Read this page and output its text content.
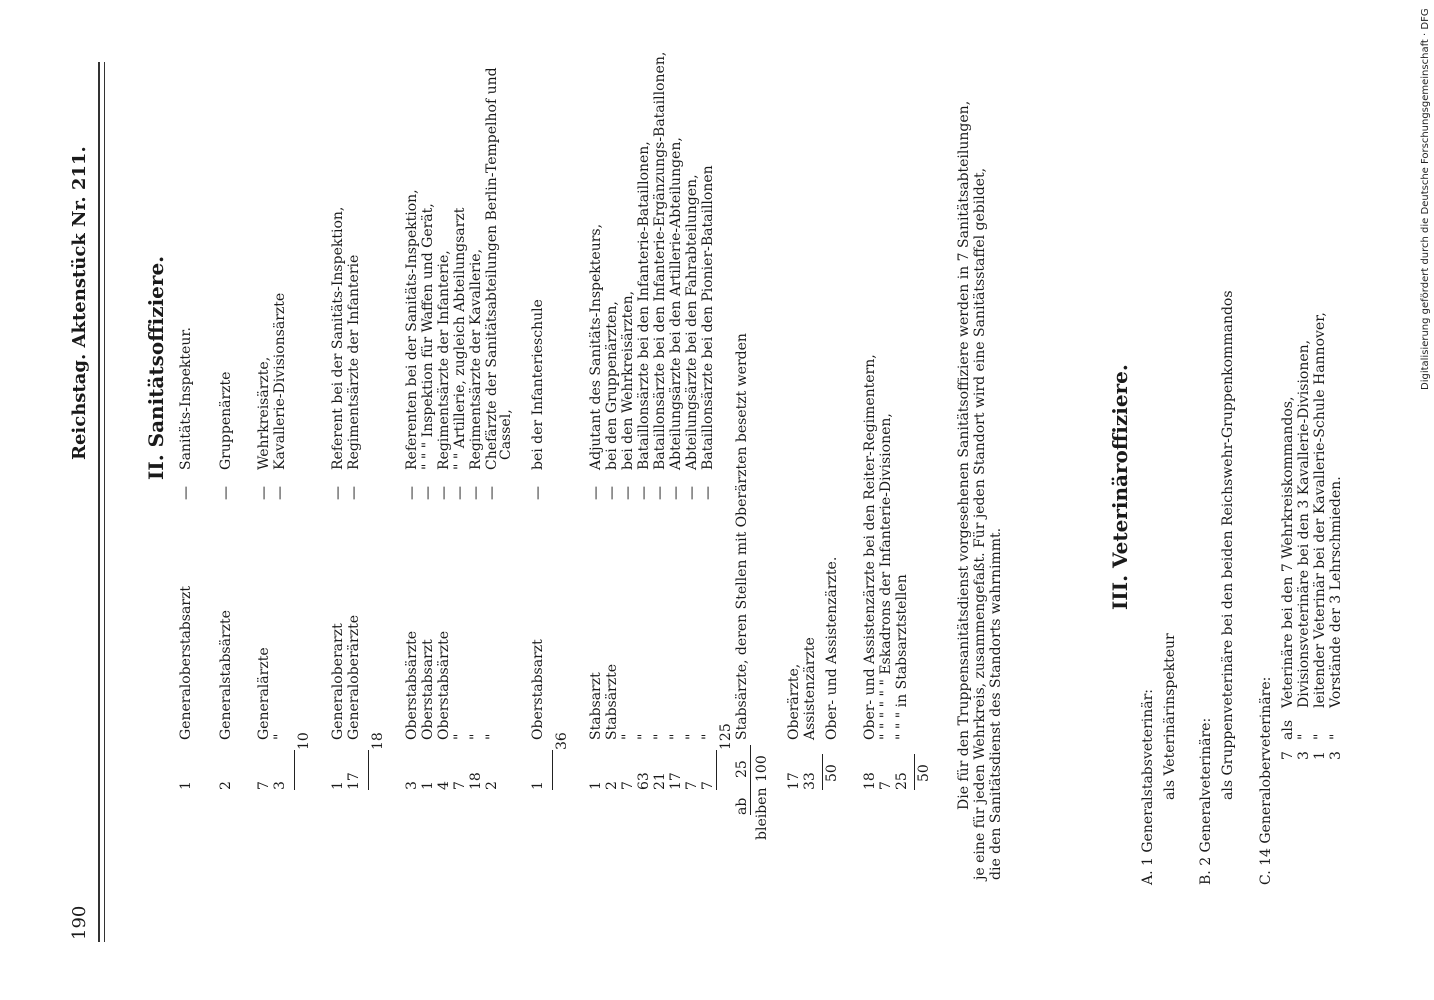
Digitalisierung gefördert durch die Deutsche Forschungsgemeinschaft · DFG
190
Reichstag. Aktenstück Nr. 211.	II. Sanitätsoffiziere.
1
Generaloberstabsarzt
—
Sanitäts-Inspekteur.
2
Generalstabsärzte
—
Gruppenärzte
7
Generalärzte
—
Wehrkreisärzte,
3
"
—
Kavallerie-Divisionsärzte
10
1
Generaloberarzt
—
Referent bei der Sanitäts-Inspektion,
17
Generaloberärzte
—
Regimentsärzte der Infanterie
18
3
Oberstabsärzte
—
Referenten bei der Sanitäts-Inspektion,
1
Oberstabsarzt
—
" " " Inspektion für Waffen und Gerät,
4
Oberstabsärzte
—
Regimentsärzte der Infanterie,
7
"
—
" " Artillerie, zugleich Abteilungsarzt
18
"
—
Regimentsärzte der Kavallerie,
2
"
—
Chefärzte der Sanitätsabteilungen Berlin-Tempelhof und
Cassel,
1
Oberstabsarzt
—
bei der Infanterieschule
36
1
Stabsarzt
—
Adjutant des Sanitäts-Inspekteurs,
2
Stabsärzte
—
bei den Gruppenärzten,
7
"
—
bei den Wehrkreisärzten,
63
"
—
Bataillonsärzte bei den Infanterie-Bataillonen,
21
"
—
Bataillonsärzte bei den Infanterie-Ergänzungs-Bataillonen,
17
"
—
Abteilungsärzte bei den Artillerie-Abteilungen,
7
"
—
Abteilungsärzte bei den Fahrabteilungen,
7
"
—
Bataillonsärzte bei den Pionier-Bataillonen
125
ab
25
Stabsärzte, deren Stellen mit Oberärzten besetzt werden
bleiben
100 17
Oberärzte,
33
Assistenzärzte
50
Ober- und Assistenzärzte.
18
Ober- und Assistenzärzte bei den Reiter-Regimentern,
7
" " " " " " Eskadrons der Infanterie-Divisionen,
25
" " " in Stabsarztstellen
50 Die für den Truppensanitätsdienst vorgesehenen Sanitätsoffiziere werden in 7 Sanitätsabteilungen, je eine für jeden Wehrkreis, zusammengefaßt. Für jeden Standort wird eine Sanitätsstaffel gebildet, die den Sanitätsdienst des Standorts wahrnimmt.
III. Veterinäroffiziere.
A. 1 Generalstabsveterinär: als Veterinärinspekteur
B. 2 Generalveterinäre:
als Gruppenveterinäre bei den beiden Reichswehr-Gruppenkommandos C. 14 Generaloberveterinäre: 7
als
Veterinäre bei den 7 Wehrkreiskommandos,
3
"
Divisionsveterinäre bei den 3 Kavallerie-Divisionen,
1
"
leitender Veterinär bei der Kavallerie-Schule Hannover,
3
"
Vorstände der 3 Lehrschmieden.
